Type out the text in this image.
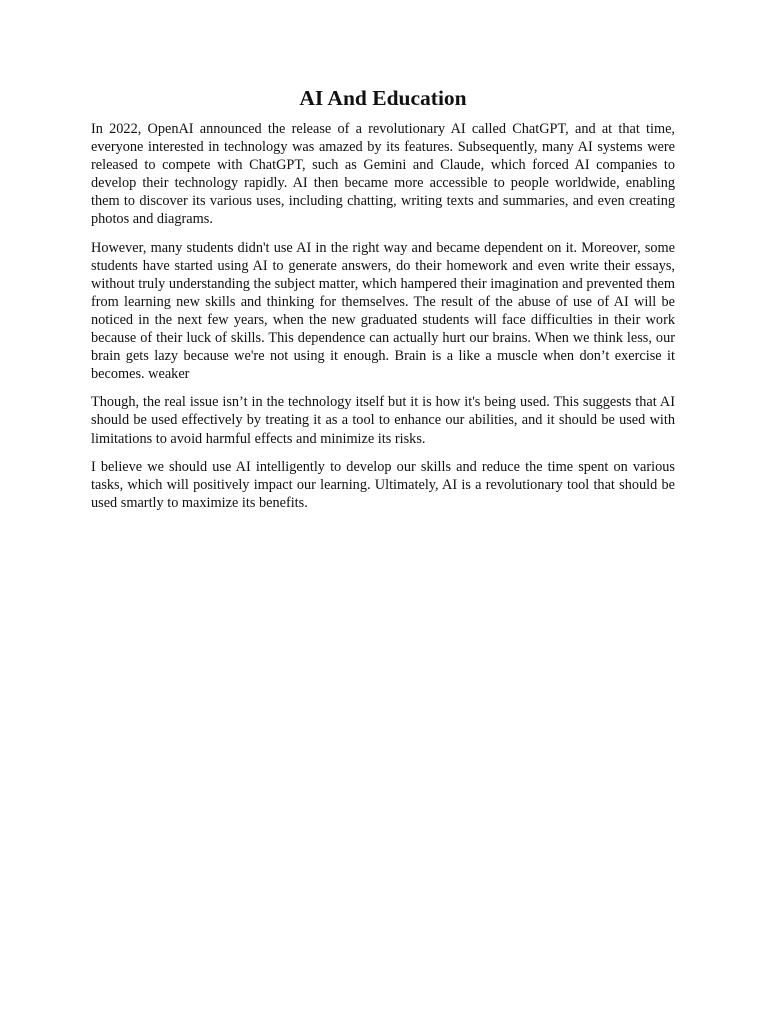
AI And Education

In 2022, OpenAI announced the release of a revolutionary AI called ChatGPT, and at that time, everyone interested in technology was amazed by its features. Subsequently, many AI systems were released to compete with ChatGPT, such as Gemini and Claude, which forced AI companies to develop their technology rapidly. AI then became more accessible to people worldwide, enabling them to discover its various uses, including chatting, writing texts and summaries, and even creating photos and diagrams.

However, many students didn't use AI in the right way and became dependent on it. Moreover, some students have started using AI to generate answers, do their homework and even write their essays, without truly understanding the subject matter, which hampered their imagination and prevented them from learning new skills and thinking for themselves. The result of the abuse of use of AI will be noticed in the next few years, when the new graduated students will face difficulties in their work because of their luck of skills. This dependence can actually hurt our brains. When we think less, our brain gets lazy because we're not using it enough. Brain is a like a muscle when don’t exercise it becomes. weaker

Though, the real issue isn’t in the technology itself but it is how it's being used. This suggests that AI should be used effectively by treating it as a tool to enhance our abilities, and it should be used with limitations to avoid harmful effects and minimize its risks.

I believe we should use AI intelligently to develop our skills and reduce the time spent on various tasks, which will positively impact our learning. Ultimately, AI is a revolutionary tool that should be used smartly to maximize its benefits.
